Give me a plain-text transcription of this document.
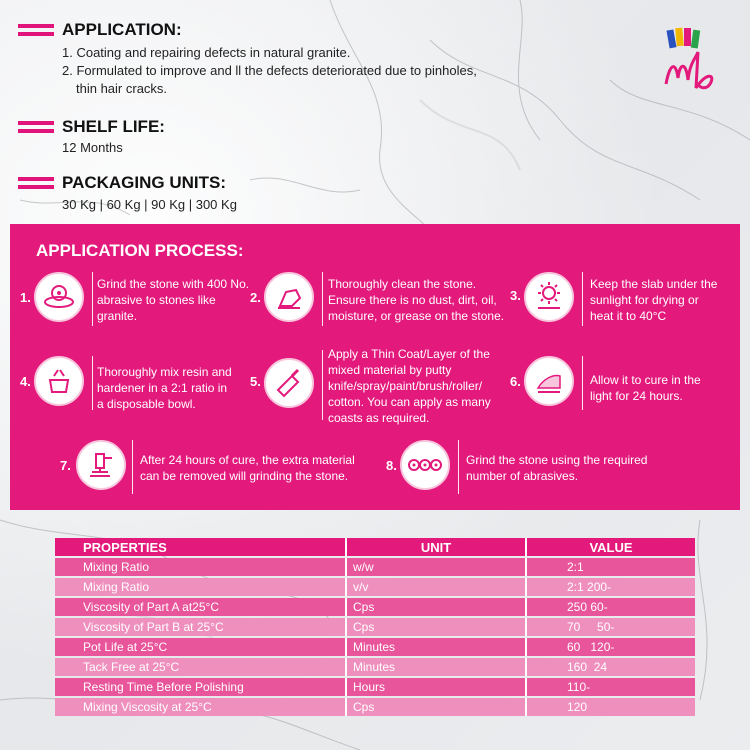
APPLICATION:
1. Coating and repairing defects in natural granite.
2. Formulated to improve and ll the defects deteriorated due to pinholes,
thin hair cracks.
SHELF LIFE:
12 Months
PACKAGING UNITS:
30 Kg | 60 Kg | 90 Kg | 300 Kg
APPLICATION PROCESS:
1.
Grind the stone with 400 No.
abrasive to stones like
granite.
2.
Thoroughly clean the stone.
Ensure there is no dust, dirt, oil,
moisture, or grease on the stone.
3.
Keep the slab under the
sunlight for drying or
heat it to 40°C
4.
Thoroughly mix resin and
hardener in a 2:1 ratio in
a disposable bowl.
5.
Apply a Thin Coat/Layer of the
mixed material by putty
knife/spray/paint/brush/roller/
cotton. You can apply as many
coasts as required.
6.	Allow it to cure in the
light for 24 hours.
7.	After 24 hours of cure, the extra material
can be removed will grinding the stone.
8.	Grind the stone using the required
number of abrasives.
PROPERTIES	UNIT	VALUE
Mixing Ratio	w/w	2:1
Mixing Ratio	v/v	2:1 200-
Viscosity of Part A at25°C	Cps	250 60-
Viscosity of Part B at 25°C	Cps	70     50-
Pot Life at 25°C	Minutes	60   120-
Tack Free at 25°C	Minutes	160  24
Resting Time Before Polishing	Hours	110-
Mixing Viscosity at 25°C	Cps	120
